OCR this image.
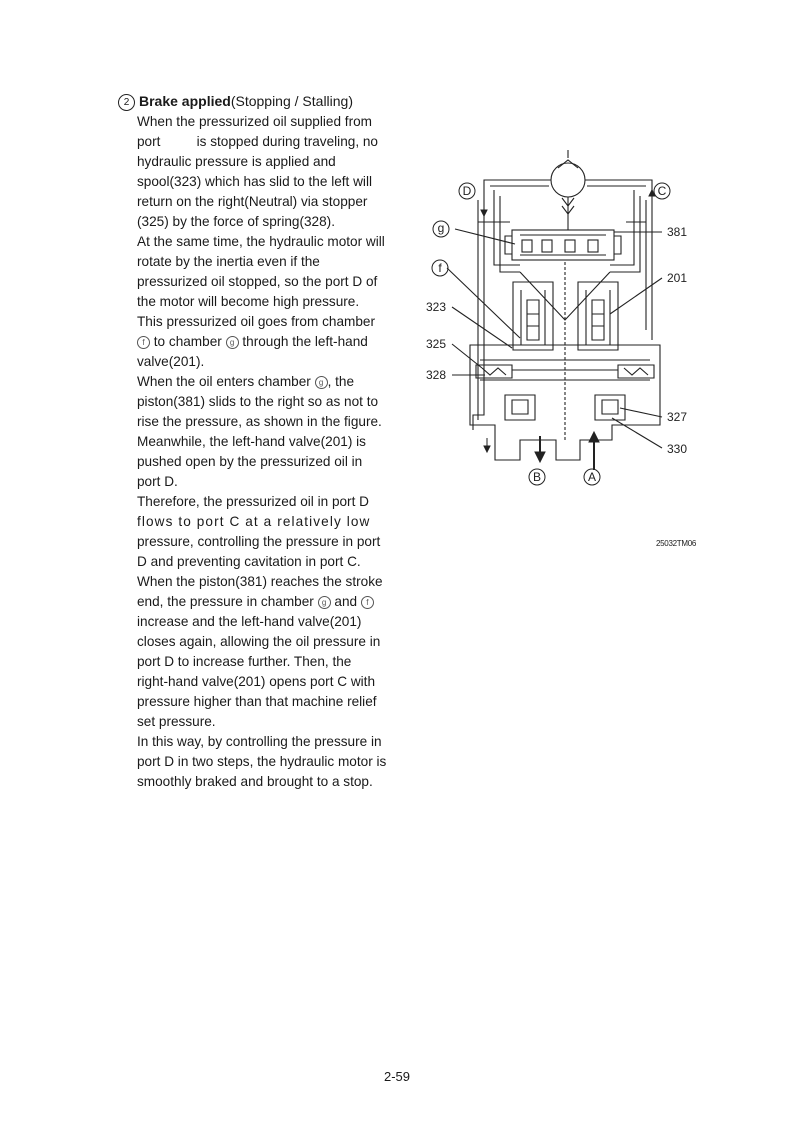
2 Brake applied(Stopping / Stalling)
When the pressurized oil supplied from
port	is stopped during traveling, no
hydraulic pressure is applied and
spool(323) which has slid to the left will
return on the right(Neutral) via stopper
(325) by the force of spring(328).
At the same time, the hydraulic motor will
rotate by the inertia even if the
pressurized oil stopped, so the port D of
the motor will become high pressure.
This pressurized oil goes from chamber
f to chamber g through the left-hand
valve(201).
When the oil enters chamber g , the
piston(381) slids to the right so as not to
rise the pressure, as shown in the figure.
Meanwhile, the left-hand valve(201) is
pushed open by the pressurized oil in
port D.
Therefore, the pressurized oil in port D
flows to port C at a relatively low
pressure, controlling the pressure in port
D and preventing cavitation in port C.
When the piston(381) reaches the stroke
end, the pressure in chamber g and f
increase and the left-hand valve(201)
closes again, allowing the oil pressure in
port D to increase further. Then, the
right-hand valve(201) opens port C with
pressure higher than that machine relief
set pressure.
In this way, by controlling the pressure in
port D in two steps, the hydraulic motor is
smoothly braked and brought to a stop.
D	C
B	A
g
f
381
201
323
325
328
327
330
25032TM06
2-59
